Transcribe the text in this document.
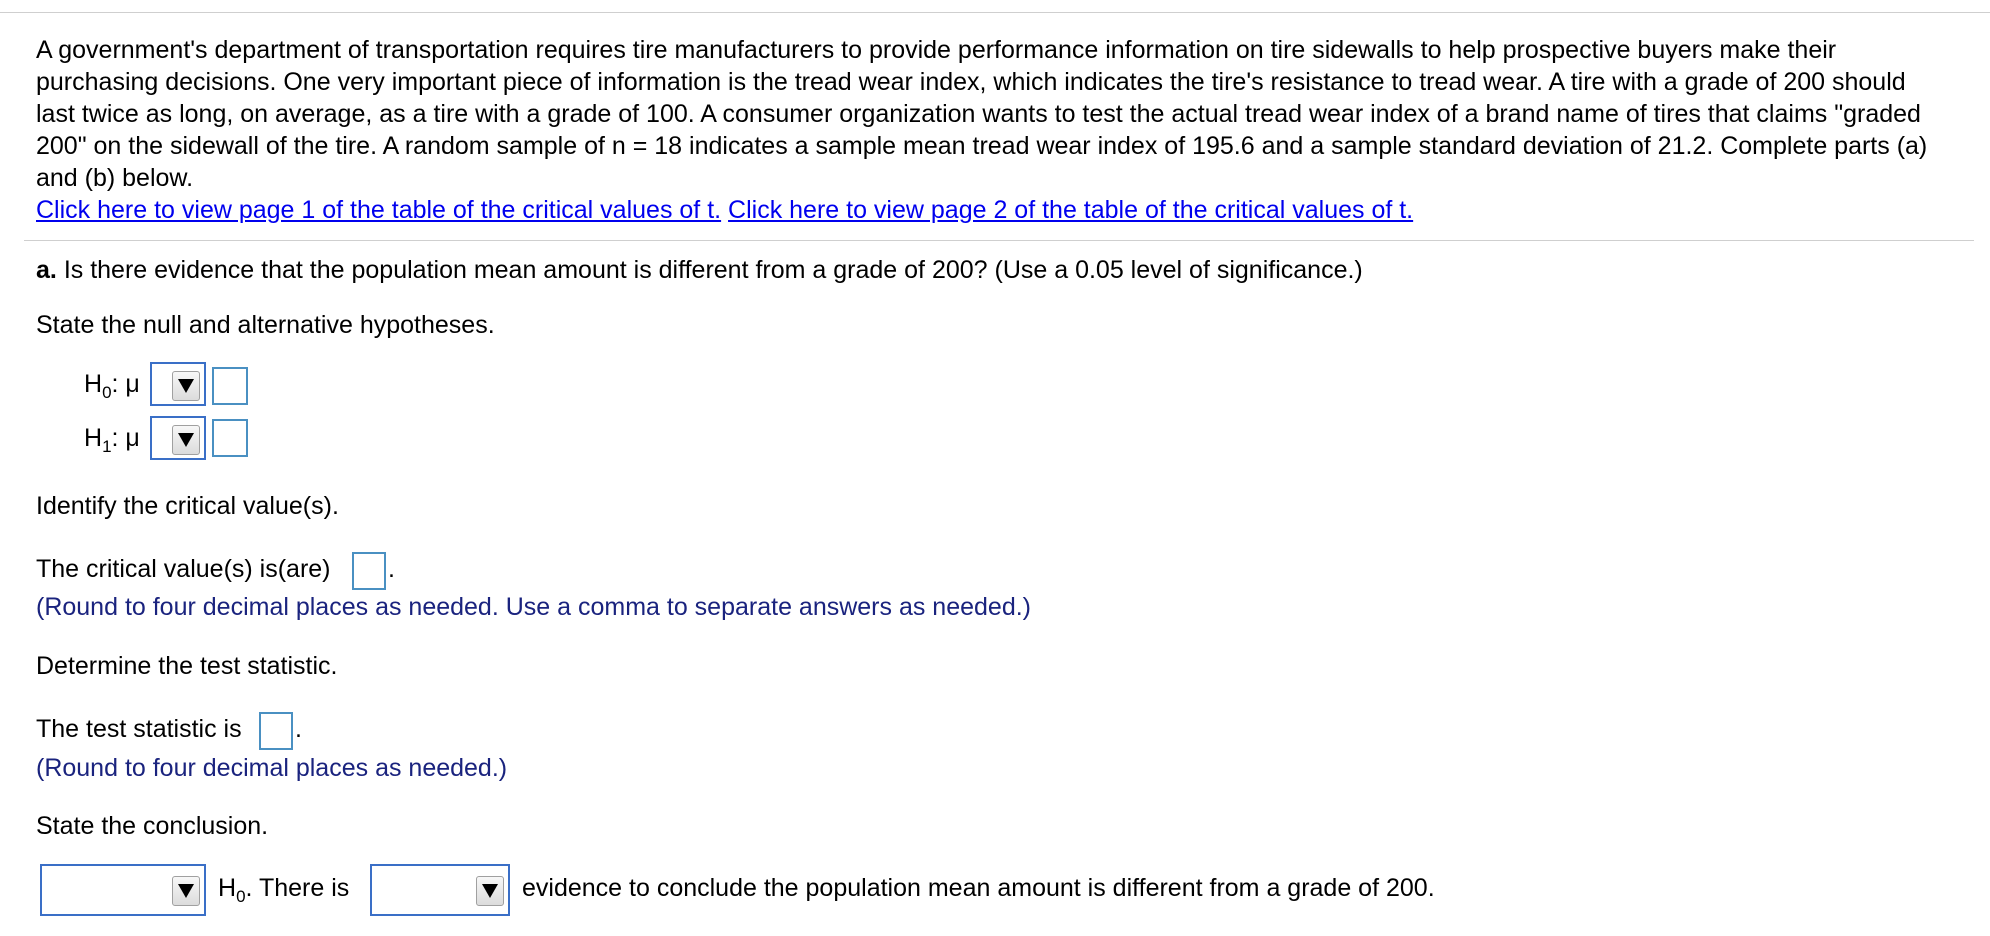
A government's department of transportation requires tire manufacturers to provide performance information on tire sidewalls to help prospective buyers make their purchasing decisions. One very important piece of information is the tread wear index, which indicates the tire's resistance to tread wear. A tire with a grade of 200 should last twice as long, on average, as a tire with a grade of 100. A consumer organization wants to test the actual tread wear index of a brand name of tires that claims "graded 200" on the sidewall of the tire. A random sample of n = 18 indicates a sample mean tread wear index of 195.6 and a sample standard deviation of 21.2. Complete parts (a) and (b) below.
Click here to view page 1 of the table of the critical values of t. Click here to view page 2 of the table of the critical values of t.
a. Is there evidence that the population mean amount is different from a grade of 200? (Use a 0.05 level of significance.)
State the null and alternative hypotheses.
$H_0$: μ
$H_1$: μ
Identify the critical value(s).
The critical value(s) is(are) .
(Round to four decimal places as needed. Use a comma to separate answers as needed.)
Determine the test statistic.
The test statistic is .
(Round to four decimal places as needed.)
State the conclusion.
$H_0$. There is	evidence to conclude the population mean amount is different from a grade of 200.
